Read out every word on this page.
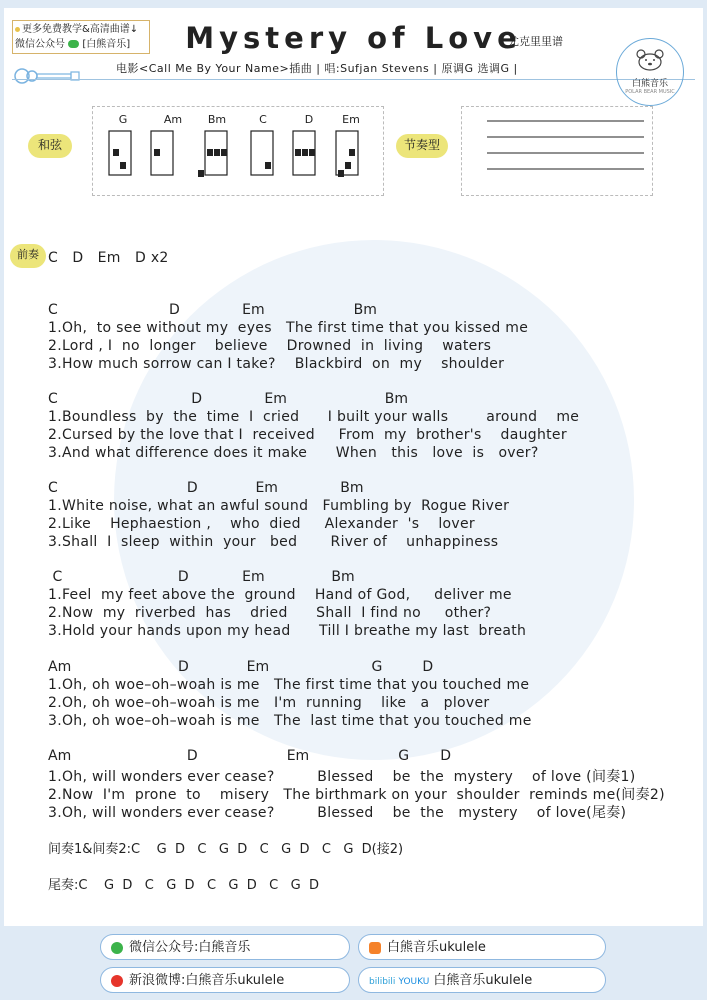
更多免费教学&高清曲谱↓
微信公众号 [白熊音乐]	Mystery of Love
尤克里里谱
电影<Call Me By Your Name>插曲 | 唱:Sufjan Stevens | 原调G 选调G |
白熊音乐
POLAR BEAR MUSIC
和弦
G	Am	Bm	C	D	Em
节奏型
前奏 C   D   Em   D x2
C                         D              Em                    Bm
1.Oh,  to see without my  eyes   The first time that you kissed me
2.Lord , I  no  longer    believe    Drowned  in  living    waters
3.How much sorrow can I take?    Blackbird  on  my    shoulder
C                              D              Em                      Bm
1.Boundless  by  the  time  I  cried      I built your walls        around    me
2.Cursed by the love that I  received     From  my  brother's    daughter
3.And what difference does it make      When   this   love  is   over?
C                             D             Em              Bm
1.White noise, what an awful sound   Fumbling by  Rogue River
2.Like    Hephaestion ,    who  died     Alexander  's    lover
3.Shall  I  sleep  within  your   bed       River of    unhappiness
C                          D            Em               Bm
1.Feel  my feet above the  ground    Hand of God,     deliver me
2.Now  my  riverbed  has    dried      Shall  I find no     other?
3.Hold your hands upon my head      Till I breathe my last  breath
Am                        D             Em                       G         D
1.Oh, oh woe–oh–woah is me   The first time that you touched me
2.Oh, oh woe–oh–woah is me   I'm  running    like   a   plover
3.Oh, oh woe–oh–woah is me   The  last time that you touched me
Am                          D                    Em                    G       D
1.Oh, will wonders ever cease?         Blessed    be  the  mystery    of love (间奏1)
2.Now  I'm  prone  to    misery   The birthmark on your  shoulder  reminds me(间奏2)
3.Oh, will wonders ever cease?         Blessed    be  the   mystery    of love(尾奏)
间奏1&间奏2:C    G  D   C   G  D   C   G  D   C   G  D(接2)
尾奏:C    G  D   C   G  D   C   G  D   C   G  D
微信公众号:白熊音乐	白熊音乐ukulele
新浪微博:白熊音乐ukulele	bilibili YOUKU 白熊音乐ukulele
